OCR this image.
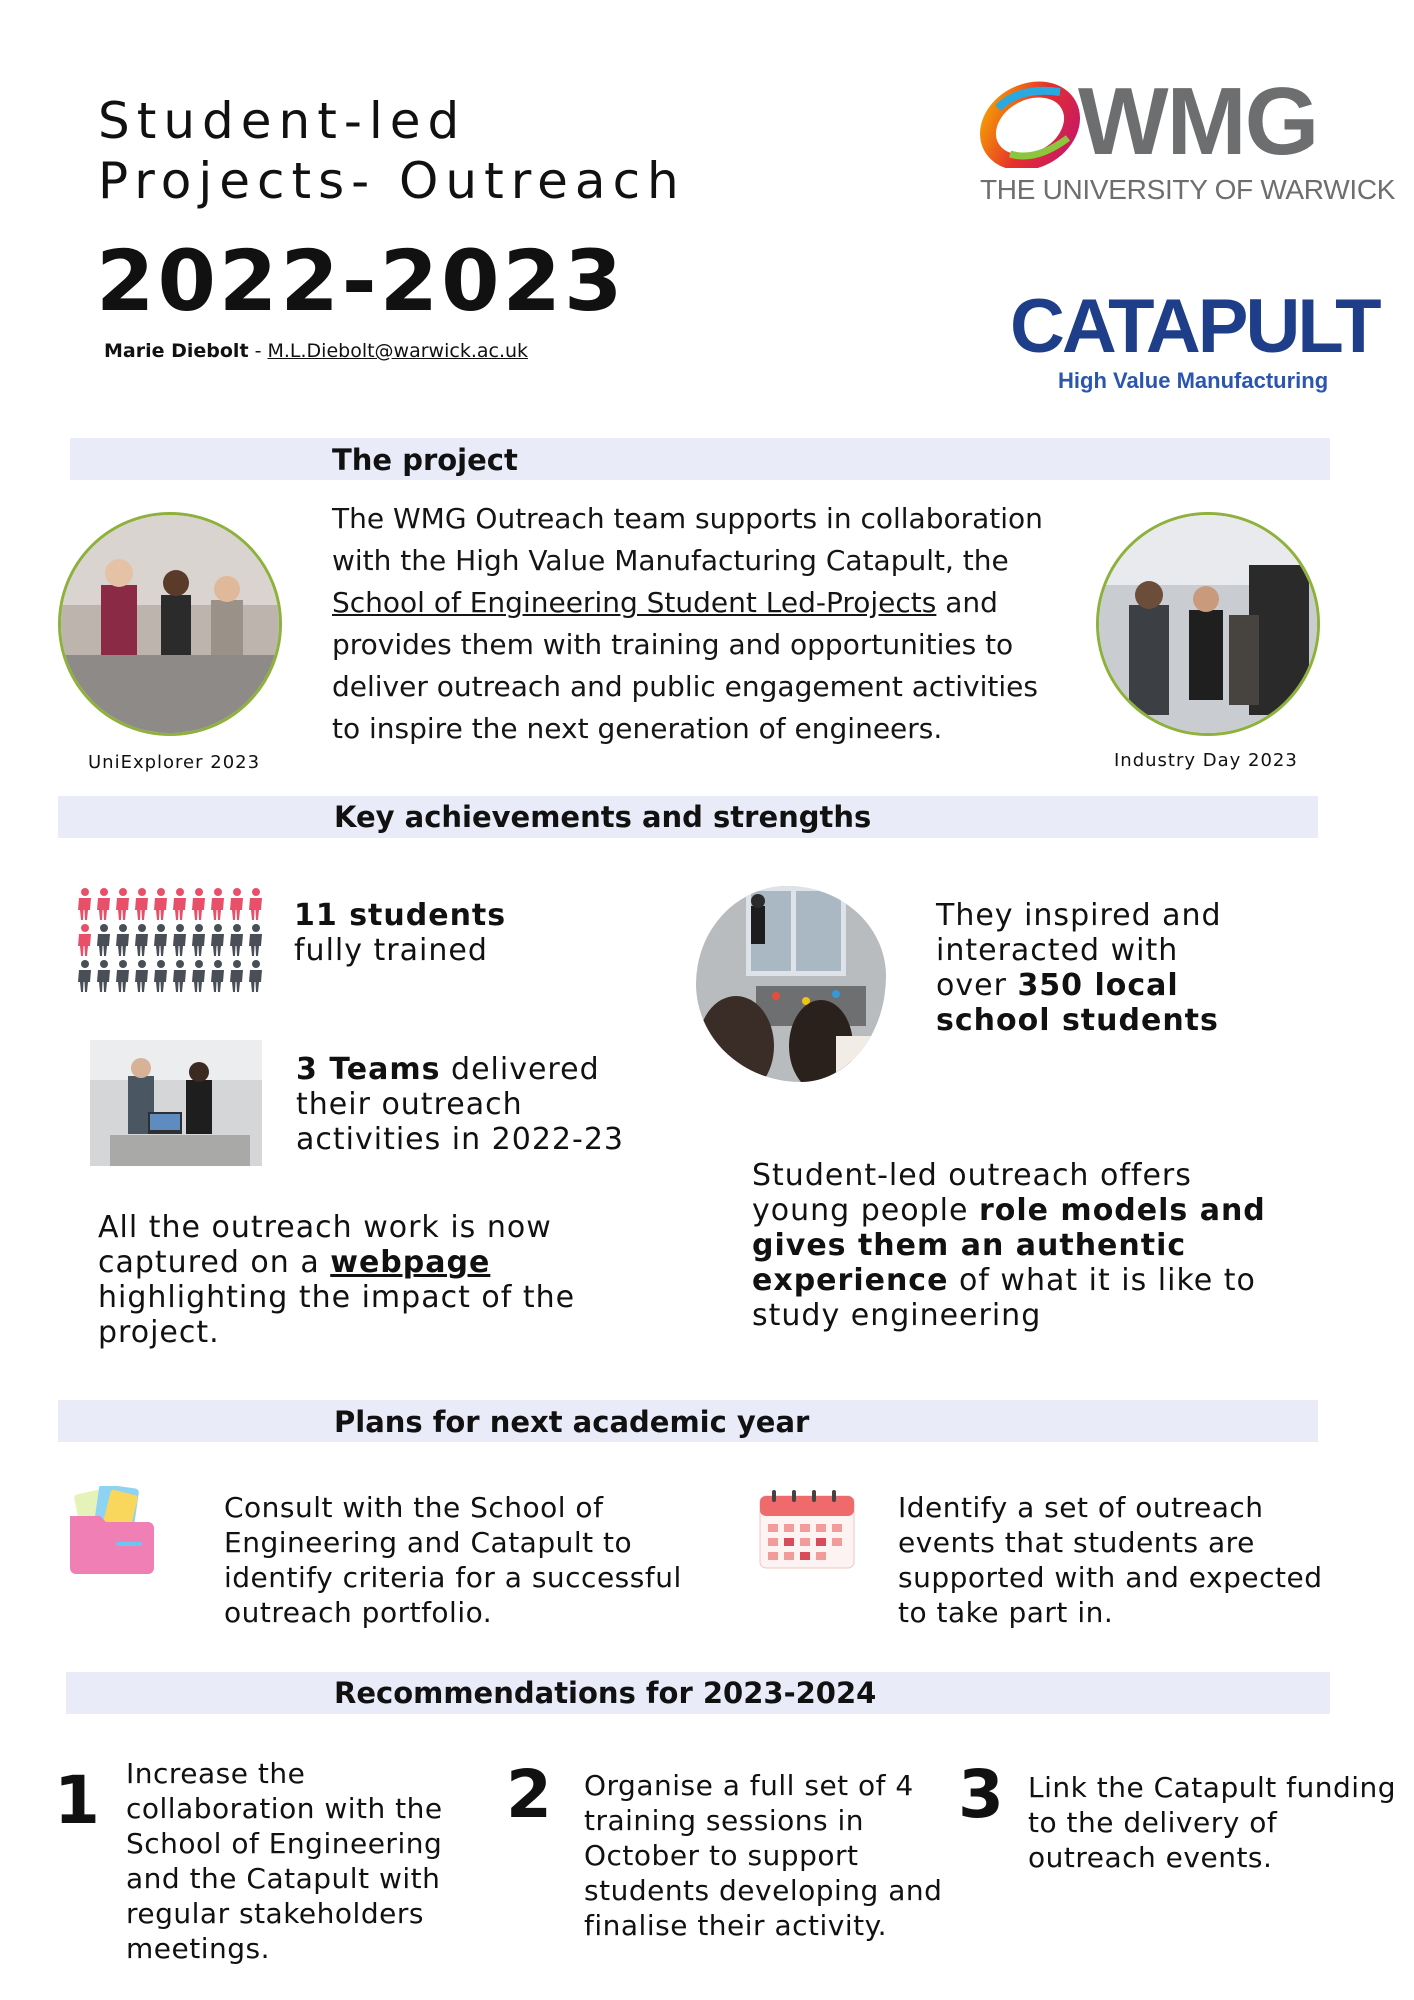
Student-led
Projects- Outreach
2022-2023
Marie Diebolt - M.L.Diebolt@warwick.ac.uk
WMG
THE UNIVERSITY OF WARWICK
CATAPULT
High Value Manufacturing
The project
UniExplorer 2023	Industry Day 2023
The WMG Outreach team supports in collaboration with the High Value Manufacturing Catapult, the School of Engineering Student Led-Projects and provides them with training and opportunities to deliver outreach and public engagement activities to inspire the next generation of engineers.
Key achievements and strengths
11 students
fully trained
3 Teams delivered their outreach activities in 2022-23
They inspired and interacted with over 350 local school students
All the outreach work is now captured on a webpage highlighting the impact of the project.
Student-led outreach offers young people role models and gives them an authentic experience of what it is like to study engineering
Plans for next academic year
Consult with the School of Engineering and Catapult to identify criteria for a successful outreach portfolio.
Identify a set of outreach events that students are supported with and expected to take part in.
Recommendations for 2023-2024
1 Increase the collaboration with the School of Engineering and the Catapult with regular stakeholders meetings.
2 Organise a full set of 4 training sessions in October to support students developing and finalise their activity.
3 Link the Catapult funding to the delivery of outreach events.
